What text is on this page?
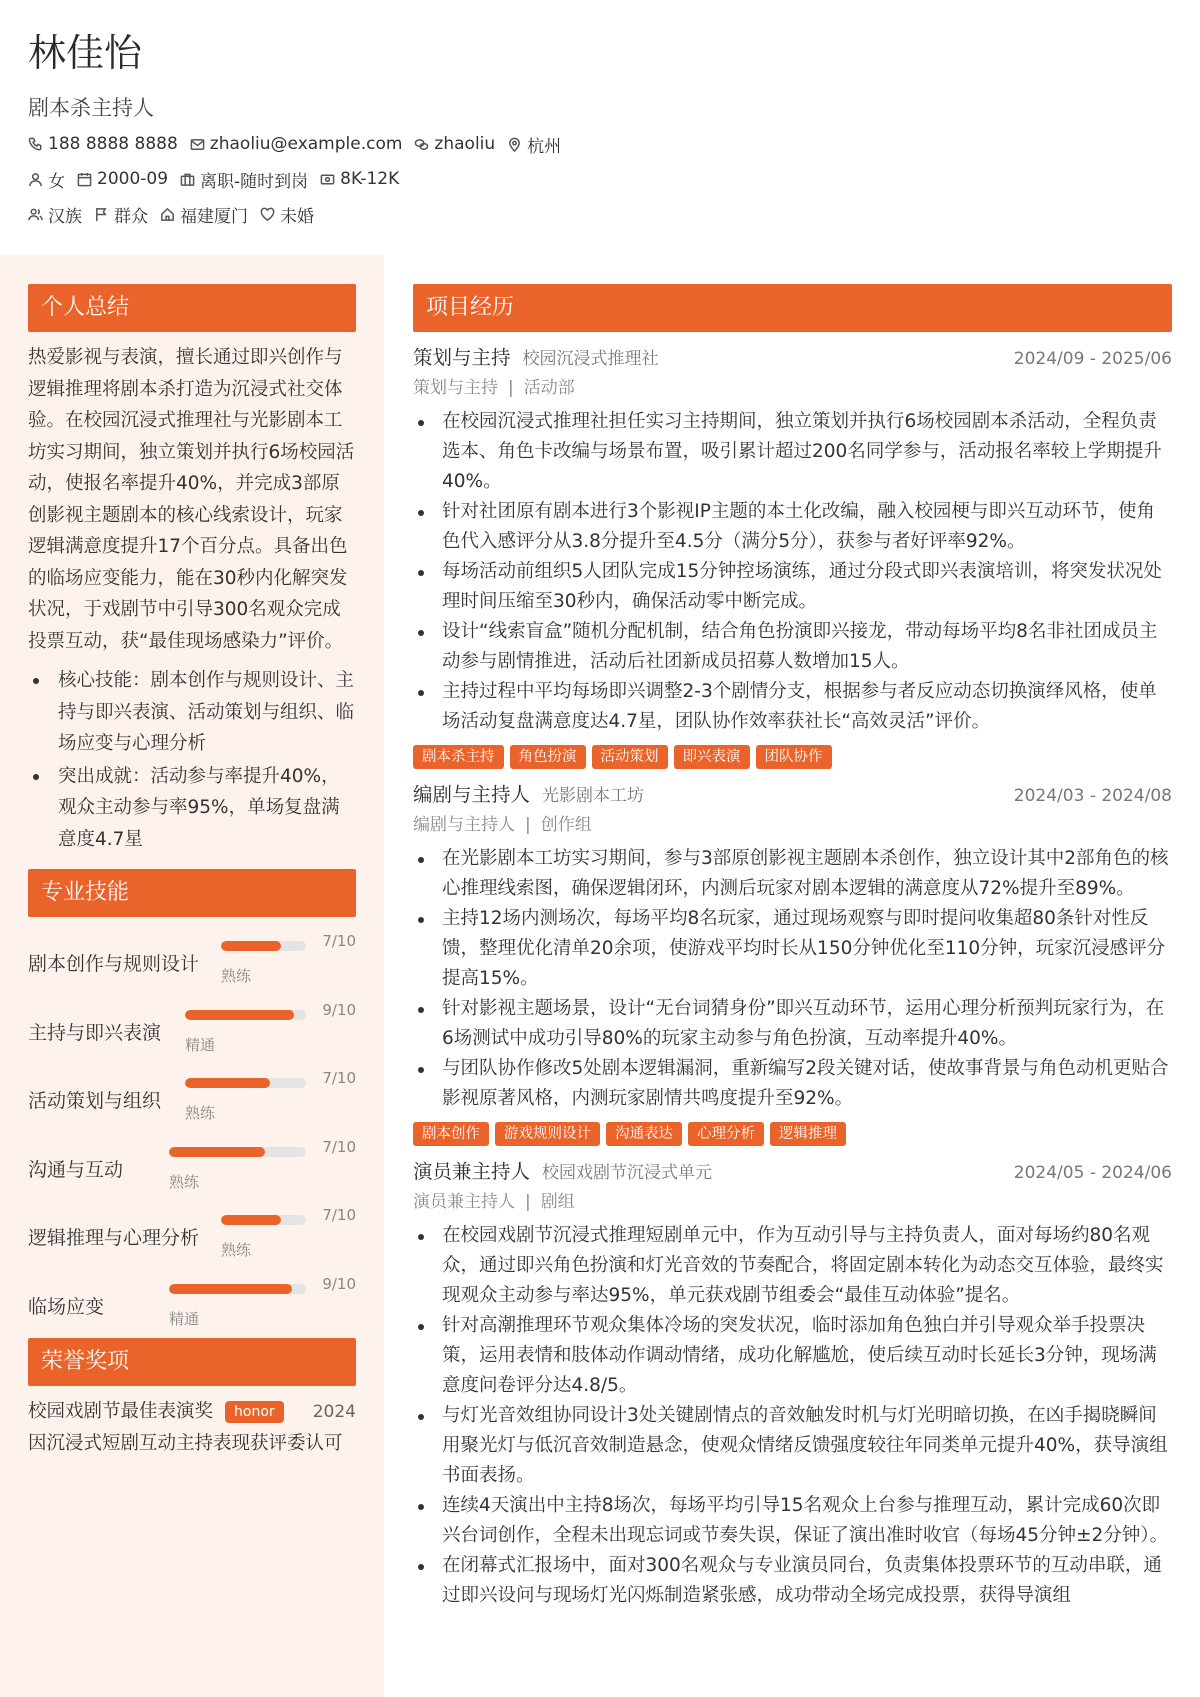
林佳怡
剧本杀主持人
188 8888 8888 zhaoliu@example.com zhaoliu 杭州
女 2000-09 离职-随时到岗 8K-12K
汉族 群众 福建厦门 未婚
个人总结
热爱影视与表演，擅长通过即兴创作与逻辑推理将剧本杀打造为沉浸式社交体验。在校园沉浸式推理社与光影剧本工坊实习期间，独立策划并执行6场校园活动，使报名率提升40%，并完成3部原创影视主题剧本的核心线索设计，玩家逻辑满意度提升17个百分点。具备出色的临场应变能力，能在30秒内化解突发状况，于戏剧节中引导300名观众完成投票互动，获“最佳现场感染力”评价。
核心技能：剧本创作与规则设计、主持与即兴表演、活动策划与组织、临场应变与心理分析
突出成就：活动参与率提升40%，观众主动参与率95%，单场复盘满意度4.7星
专业技能
剧本创作与规则设计
7/10
熟练
主持与即兴表演
9/10
精通
活动策划与组织
7/10
熟练
沟通与互动
7/10
熟练
逻辑推理与心理分析
7/10
熟练
临场应变
9/10
精通
荣誉奖项
校园戏剧节最佳表演奖	honor	2024
因沉浸式短剧互动主持表现获评委认可
项目经历
策划与主持 校园沉浸式推理社	2024/09 - 2025/06
策划与主持 | 活动部
在校园沉浸式推理社担任实习主持期间，独立策划并执行6场校园剧本杀活动，全程负责选本、角色卡改编与场景布置，吸引累计超过200名同学参与，活动报名率较上学期提升40%。
针对社团原有剧本进行3个影视IP主题的本土化改编，融入校园梗与即兴互动环节，使角色代入感评分从3.8分提升至4.5分（满分5分），获参与者好评率92%。
每场活动前组织5人团队完成15分钟控场演练，通过分段式即兴表演培训，将突发状况处理时间压缩至30秒内，确保活动零中断完成。
设计“线索盲盒”随机分配机制，结合角色扮演即兴接龙，带动每场平均8名非社团成员主动参与剧情推进，活动后社团新成员招募人数增加15人。
主持过程中平均每场即兴调整2-3个剧情分支，根据参与者反应动态切换演绎风格，使单场活动复盘满意度达4.7星，团队协作效率获社长“高效灵活”评价。
剧本杀主持	角色扮演	活动策划	即兴表演	团队协作
编剧与主持人 光影剧本工坊	2024/03 - 2024/08
编剧与主持人 | 创作组
在光影剧本工坊实习期间，参与3部原创影视主题剧本杀创作，独立设计其中2部角色的核心推理线索图，确保逻辑闭环，内测后玩家对剧本逻辑的满意度从72%提升至89%。
主持12场内测场次，每场平均8名玩家，通过现场观察与即时提问收集超80条针对性反馈，整理优化清单20余项，使游戏平均时长从150分钟优化至110分钟，玩家沉浸感评分提高15%。
针对影视主题场景，设计“无台词猜身份”即兴互动环节，运用心理分析预判玩家行为，在6场测试中成功引导80%的玩家主动参与角色扮演，互动率提升40%。
与团队协作修改5处剧本逻辑漏洞，重新编写2段关键对话，使故事背景与角色动机更贴合影视原著风格，内测玩家剧情共鸣度提升至92%。
剧本创作	游戏规则设计	沟通表达	心理分析	逻辑推理
演员兼主持人 校园戏剧节沉浸式单元	2024/05 - 2024/06
演员兼主持人 | 剧组
在校园戏剧节沉浸式推理短剧单元中，作为互动引导与主持负责人，面对每场约80名观众，通过即兴角色扮演和灯光音效的节奏配合，将固定剧本转化为动态交互体验，最终实现观众主动参与率达95%，单元获戏剧节组委会“最佳互动体验”提名。
针对高潮推理环节观众集体冷场的突发状况，临时添加角色独白并引导观众举手投票决策，运用表情和肢体动作调动情绪，成功化解尴尬，使后续互动时长延长3分钟，现场满意度问卷评分达4.8/5。
与灯光音效组协同设计3处关键剧情点的音效触发时机与灯光明暗切换，在凶手揭晓瞬间用聚光灯与低沉音效制造悬念，使观众情绪反馈强度较往年同类单元提升40%，获导演组书面表扬。
连续4天演出中主持8场次，每场平均引导15名观众上台参与推理互动，累计完成60次即兴台词创作，全程未出现忘词或节奏失误，保证了演出准时收官（每场45分钟±2分钟）。
在闭幕式汇报场中，面对300名观众与专业演员同台，负责集体投票环节的互动串联，通过即兴设问与现场灯光闪烁制造紧张感，成功带动全场完成投票，获得导演组
